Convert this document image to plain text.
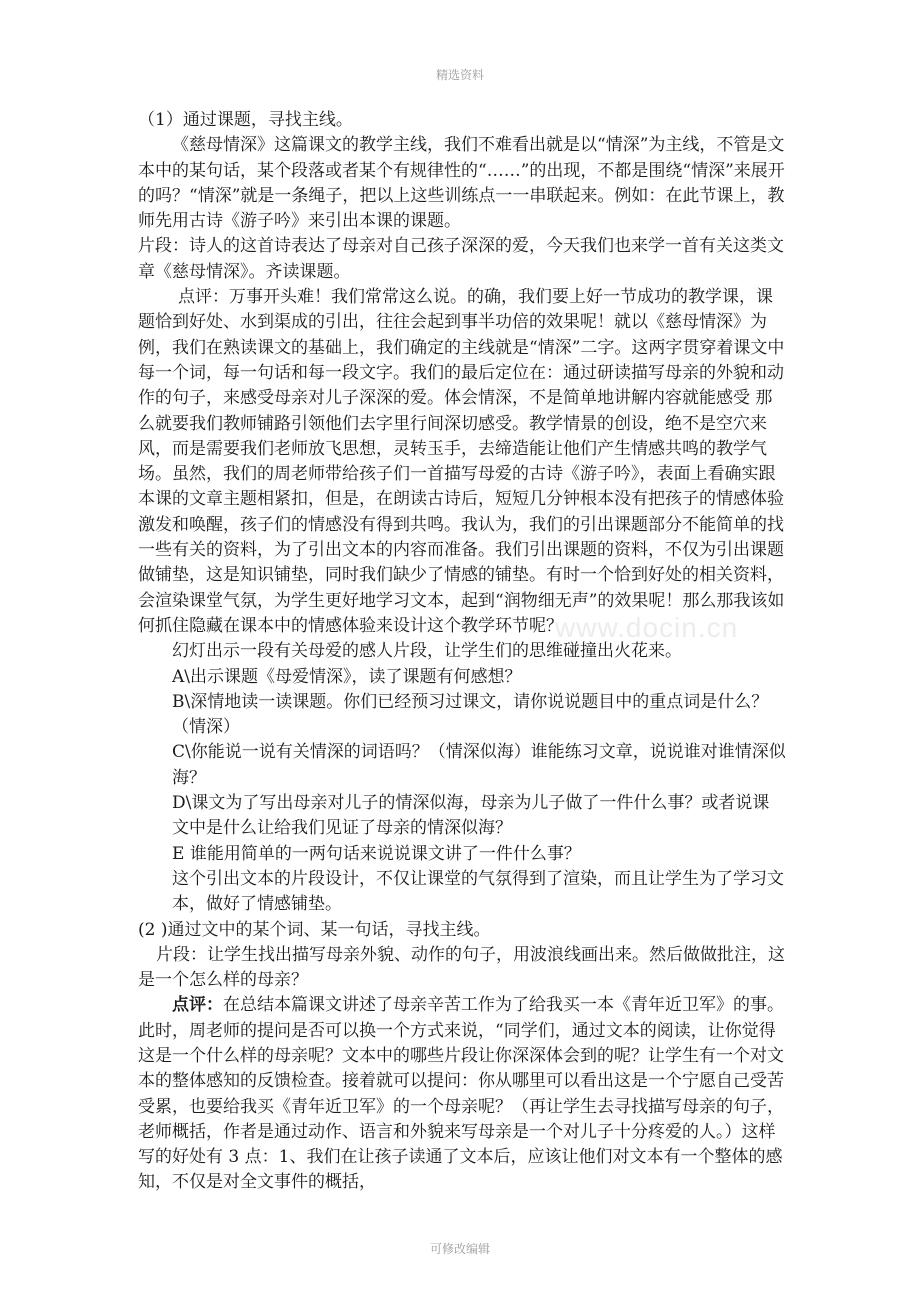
精选资料
www.docin.cn

（1）通过课题，寻找主线。

《慈母情深》这篇课文的教学主线，我们不难看出就是以“情深”为主线，不管是文本中的某句话，某个段落或者某个有规律性的“……”的出现，不都是围绕“情深”来展开的吗？“情深”就是一条绳子，把以上这些训练点一一串联起来。例如：在此节课上，教师先用古诗《游子吟》来引出本课的课题。

片段：诗人的这首诗表达了母亲对自己孩子深深的爱，今天我们也来学一首有关这类文章《慈母情深》。齐读课题。

点评：万事开头难！我们常常这么说。的确，我们要上好一节成功的教学课，课题恰到好处、水到渠成的引出，往往会起到事半功倍的效果呢！就以《慈母情深》为例，我们在熟读课文的基础上，我们确定的主线就是“情深”二字。这两字贯穿着课文中每一个词，每一句话和每一段文字。我们的最后定位在：通过研读描写母亲的外貌和动作的句子，来感受母亲对儿子深深的爱。体会情深，不是简单地讲解内容就能感受 那么就要我们教师铺路引领他们去字里行间深切感受。教学情景的创设，绝不是空穴来风，而是需要我们老师放飞思想，灵转玉手，去缔造能让他们产生情感共鸣的教学气场。虽然，我们的周老师带给孩子们一首描写母爱的古诗《游子吟》，表面上看确实跟本课的文章主题相紧扣，但是，在朗读古诗后，短短几分钟根本没有把孩子的情感体验激发和唤醒，孩子们的情感没有得到共鸣。我认为，我们的引出课题部分不能简单的找一些有关的资料，为了引出文本的内容而准备。我们引出课题的资料，不仅为引出课题做铺垫，这是知识铺垫，同时我们缺少了情感的铺垫。有时一个恰到好处的相关资料，会渲染课堂气氛，为学生更好地学习文本，起到“润物细无声”的效果呢！那么那我该如何抓住隐藏在课本中的情感体验来设计这个教学环节呢？

幻灯出示一段有关母爱的感人片段，让学生们的思维碰撞出火花来。

A\出示课题《母爱情深》，读了课题有何感想？

B\深情地读一读课题。你们已经预习过课文，请你说说题目中的重点词是什么？（情深）

C\你能说一说有关情深的词语吗？（情深似海）谁能练习文章，说说谁对谁情深似海？

D\课文为了写出母亲对儿子的情深似海，母亲为儿子做了一件什么事？或者说课文中是什么让给我们见证了母亲的情深似海？

E 谁能用简单的一两句话来说说课文讲了一件什么事？

这个引出文本的片段设计，不仅让课堂的气氛得到了渲染，而且让学生为了学习文本，做好了情感铺垫。

(2 )通过文中的某个词、某一句话，寻找主线。

片段：让学生找出描写母亲外貌、动作的句子，用波浪线画出来。然后做做批注，这是一个怎么样的母亲？

点评：在总结本篇课文讲述了母亲辛苦工作为了给我买一本《青年近卫军》的事。此时，周老师的提问是否可以换一个方式来说，“同学们，通过文本的阅读，让你觉得这是一个什么样的母亲呢？文本中的哪些片段让你深深体会到的呢？让学生有一个对文本的整体感知的反馈检查。接着就可以提问：你从哪里可以看出这是一个宁愿自己受苦受累，也要给我买《青年近卫军》的一个母亲呢？（再让学生去寻找描写母亲的句子，老师概括，作者是通过动作、语言和外貌来写母亲是一个对儿子十分疼爱的人。）这样写的好处有 3 点：1、我们在让孩子读通了文本后，应该让他们对文本有一个整体的感知，不仅是对全文事件的概括，

可修改编辑
